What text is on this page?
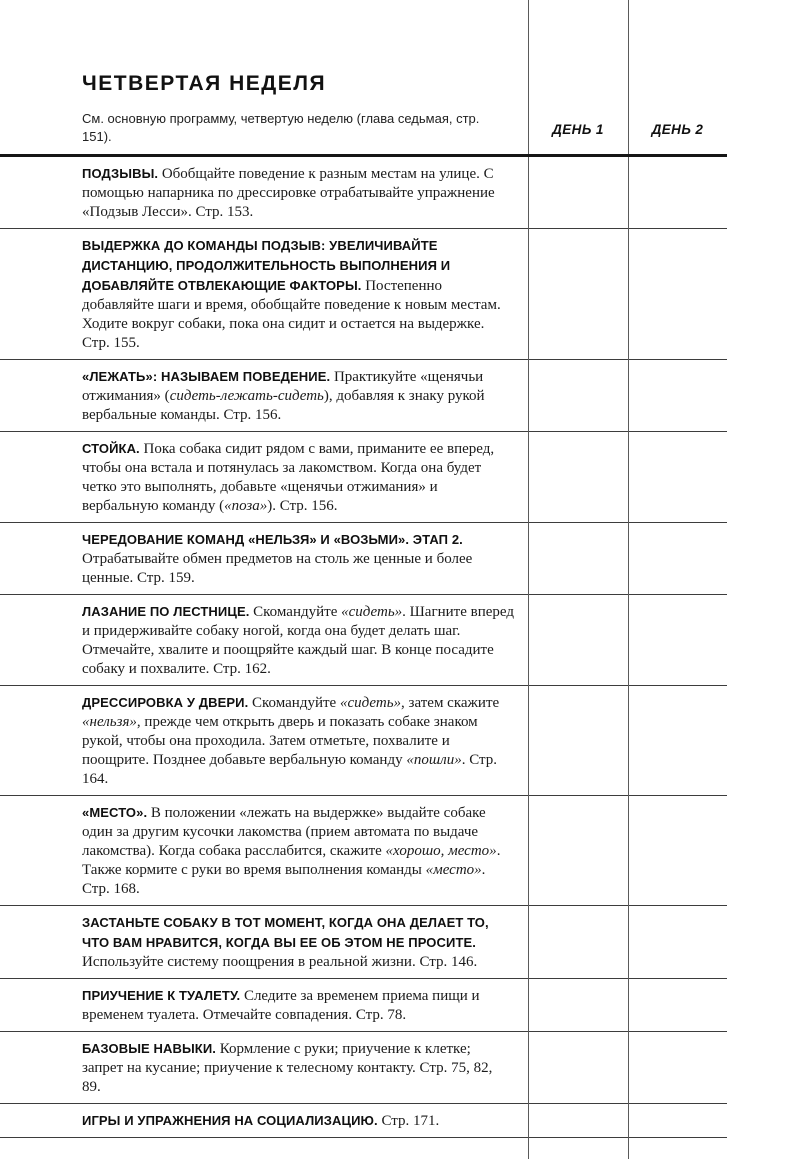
ЧЕТВЕРТАЯ НЕДЕЛЯ
См. основную программу, четвертую неделю (глава седьмая, стр. 151).	ДЕНЬ 1	ДЕНЬ 2
ПОДЗЫВЫ. Обобщайте поведение к разным местам на улице. С помощью напарника по дрессировке отрабатывайте упражнение «Подзыв Лесси». Стр. 153.
ВЫДЕРЖКА ДО КОМАНДЫ ПОДЗЫВ: УВЕЛИЧИВАЙТЕ ДИСТАНЦИЮ, ПРОДОЛЖИТЕЛЬНОСТЬ ВЫПОЛНЕНИЯ И ДОБАВЛЯЙТЕ ОТВЛЕКАЮЩИЕ ФАКТОРЫ. Постепенно добавляйте шаги и время, обобщайте поведение к новым местам. Ходите вокруг собаки, пока она сидит и остается на выдержке. Стр. 155.
«ЛЕЖАТЬ»: НАЗЫВАЕМ ПОВЕДЕНИЕ. Практикуйте «щенячьи отжимания» (сидеть-лежать-сидеть), добавляя к знаку рукой вербальные команды. Стр. 156.
СТОЙКА. Пока собака сидит рядом с вами, приманите ее вперед, чтобы она встала и потянулась за лакомством. Когда она будет четко это выполнять, добавьте «щенячьи отжимания» и вербальную команду («поза»). Стр. 156.
ЧЕРЕДОВАНИЕ КОМАНД «НЕЛЬЗЯ» И «ВОЗЬМИ». ЭТАП 2. Отрабатывайте обмен предметов на столь же ценные и более ценные. Стр. 159.
ЛАЗАНИЕ ПО ЛЕСТНИЦЕ. Скомандуйте «сидеть». Шагните вперед и придерживайте собаку ногой, когда она будет делать шаг. Отмечайте, хвалите и поощряйте каждый шаг. В конце посадите собаку и похвалите. Стр. 162.
ДРЕССИРОВКА У ДВЕРИ. Скомандуйте «сидеть», затем скажите «нельзя», прежде чем открыть дверь и показать собаке знаком рукой, чтобы она проходила. Затем отметьте, похвалите и поощрите. Позднее добавьте вербальную команду «пошли». Стр. 164.
«МЕСТО». В положении «лежать на выдержке» выдайте собаке один за другим кусочки лакомства (прием автомата по выдаче лакомства). Когда собака расслабится, скажите «хорошо, место». Также кормите с руки во время выполнения команды «место». Стр. 168.
ЗАСТАНЬТЕ СОБАКУ В ТОТ МОМЕНТ, КОГДА ОНА ДЕЛАЕТ ТО, ЧТО ВАМ НРАВИТСЯ, КОГДА ВЫ ЕЕ ОБ ЭТОМ НЕ ПРОСИТЕ. Используйте систему поощрения в реальной жизни. Стр. 146.
ПРИУЧЕНИЕ К ТУАЛЕТУ. Следите за временем приема пищи и временем туалета. Отмечайте совпадения. Стр. 78.
БАЗОВЫЕ НАВЫКИ. Кормление с руки; приучение к клетке; запрет на кусание; приучение к телесному контакту. Стр. 75, 82, 89.
ИГРЫ И УПРАЖНЕНИЯ НА СОЦИАЛИЗАЦИЮ. Стр. 171.
